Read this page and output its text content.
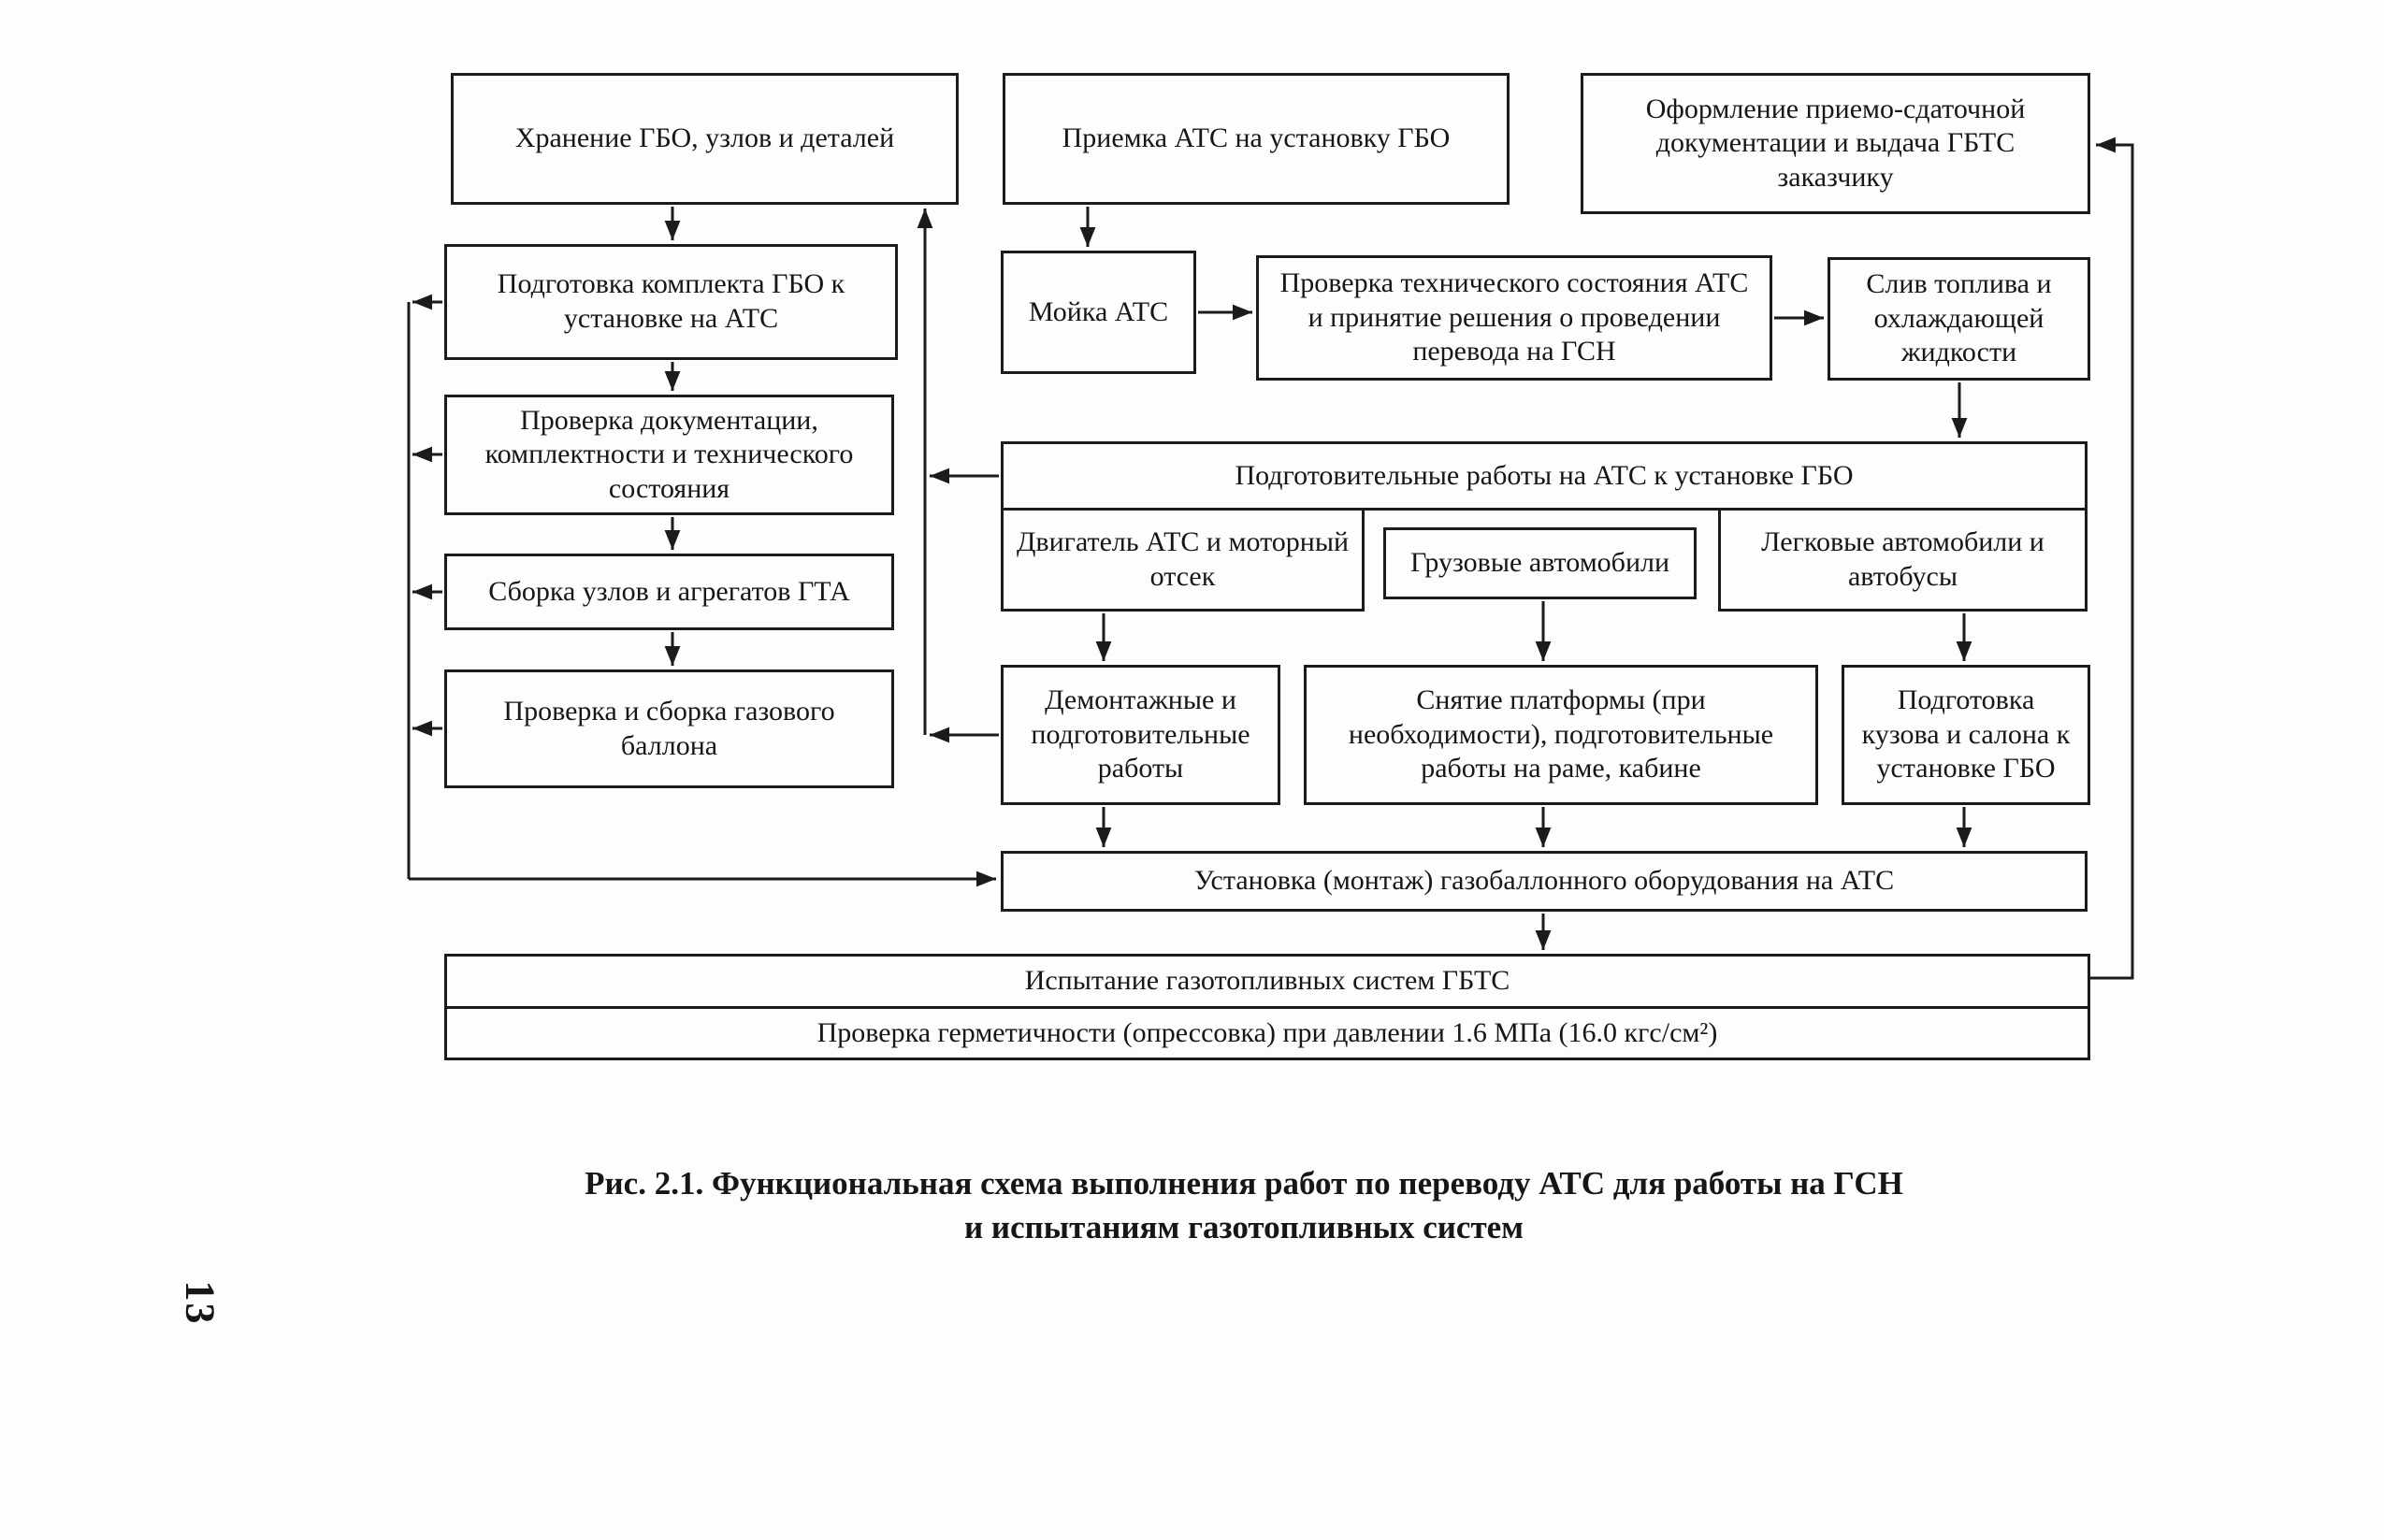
Хранение ГБО, узлов и деталей	Приемка АТС на установку ГБО
Оформление приемо-сдаточной документации и выдача ГБТС заказчику
Подготовка комплекта ГБО к установке на АТС	Мойка АТС
Проверка технического состояния АТС и принятие решения о проведении перевода на ГСН
Слив топлива и охлаждающей жидкости
Проверка документации, комплектности и технического состояния
Сборка узлов и агрегатов ГТА
Проверка и сборка газового баллона
Подготовительные работы на АТС к установке ГБО
Двигатель АТС и моторный отсек	Грузовые автомобили
Легковые автомобили и автобусы
Демонтажные и подготовительные работы
Снятие платформы (при необходимости), подготовительные работы на раме, кабине
Подготовка кузова и салона к установке ГБО
Установка (монтаж) газобаллонного оборудования на АТС
Испытание газотопливных систем ГБТС
Проверка герметичности (опрессовка) при давлении 1.6 МПа (16.0 кгс/см²)
Рис. 2.1. Функциональная схема выполнения работ по переводу АТС для работы на ГСН
и испытаниям газотопливных систем
13
